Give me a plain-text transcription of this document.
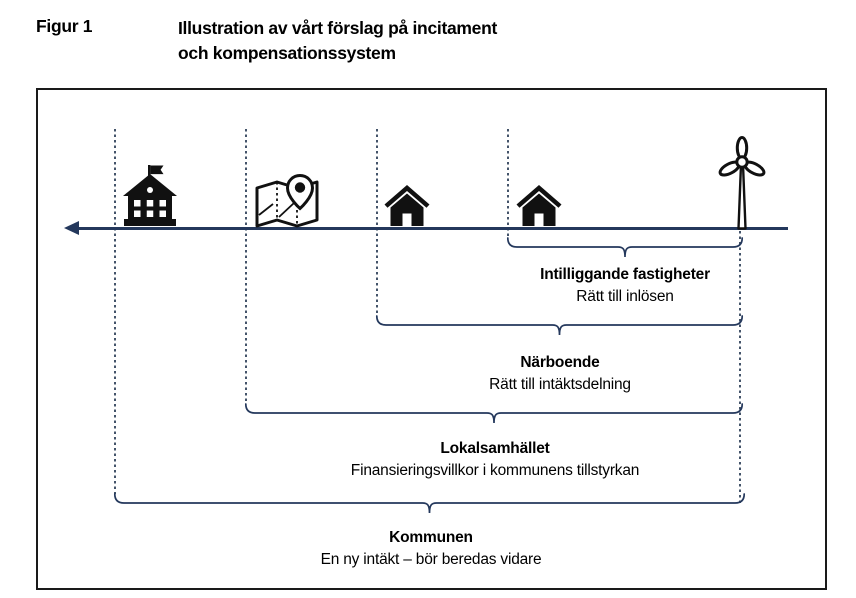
Figur 1	Illustration av vårt förslag på incitament
och kompensationssystem
Intilliggande fastigheter
Rätt till inlösen
Närboende
Rätt till intäktsdelning
Lokalsamhället
Finansieringsvillkor i kommunens tillstyrkan
Kommunen
En ny intäkt – bör beredas vidare
